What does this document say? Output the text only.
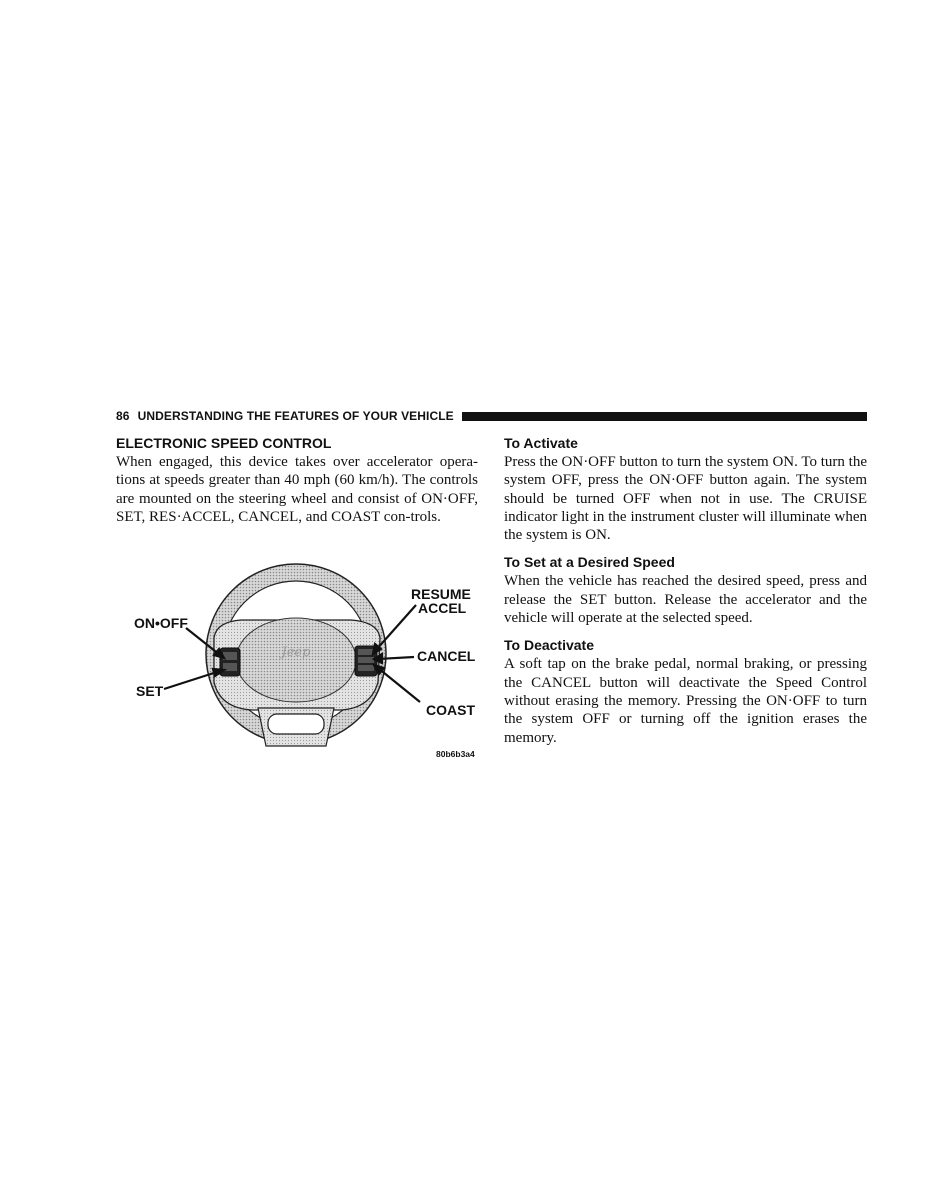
86 UNDERSTANDING THE FEATURES OF YOUR VEHICLE
ELECTRONIC SPEED CONTROL

When engaged, this device takes over accelerator opera-tions at speeds greater than 40 mph (60 km/h). The controls are mounted on the steering wheel and consist of ON·OFF, SET, RES·ACCEL, CANCEL, and COAST con-trols.

Jeep
ON•OFF
SET
RESUME
ACCEL
CANCEL
COAST
80b6b3a4
To Activate

Press the ON·OFF button to turn the system ON. To turn the system OFF, press the ON·OFF button again. The system should be turned OFF when not in use. The CRUISE indicator light in the instrument cluster will illuminate when the system is ON.

To Set at a Desired Speed

When the vehicle has reached the desired speed, press and release the SET button. Release the accelerator and the vehicle will operate at the selected speed.

To Deactivate

A soft tap on the brake pedal, normal braking, or pressing the CANCEL button will deactivate the Speed Control without erasing the memory. Pressing the ON·OFF to turn the system OFF or turning off the ignition erases the memory.
